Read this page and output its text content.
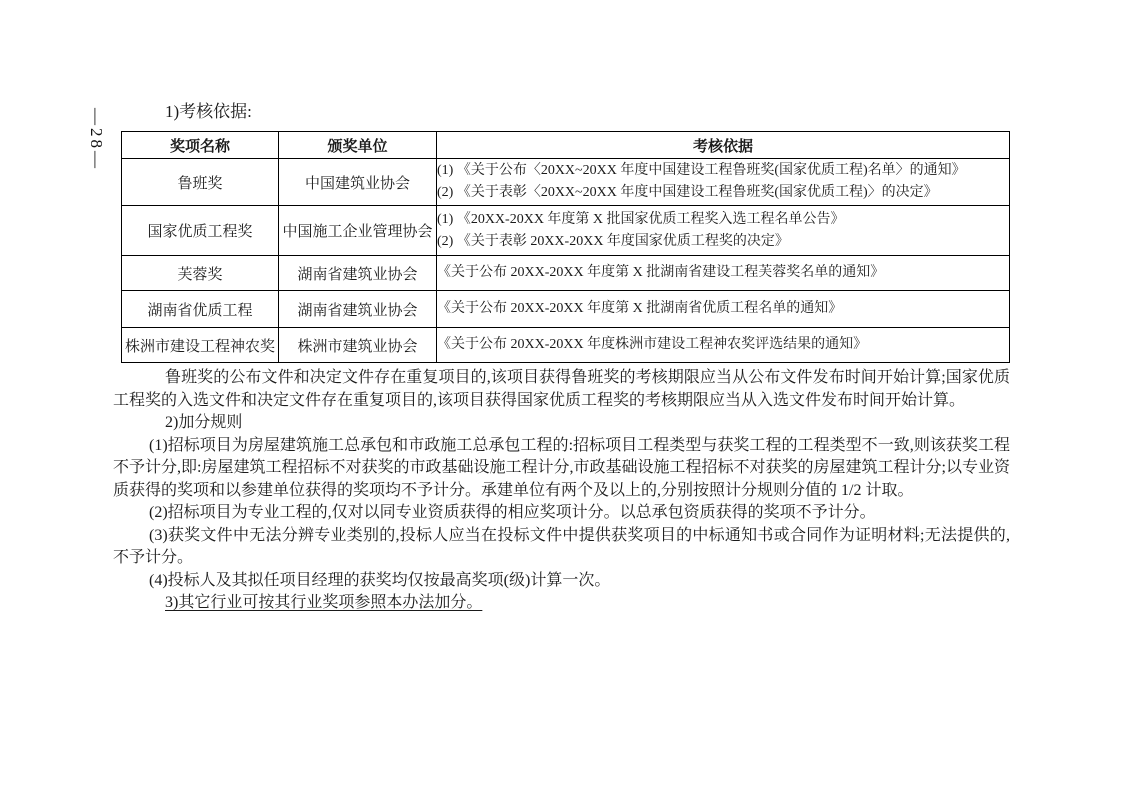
—28—	1)考核依据:

奖项名称	颁奖单位	考核依据
鲁班奖	中国建筑业协会	(1) 《关于公布〈20XX~20XX 年度中国建设工程鲁班奖(国家优质工程)名单〉的通知》
(2) 《关于表彰〈20XX~20XX 年度中国建设工程鲁班奖(国家优质工程)〉的决定》

国家优质工程奖	中国施工企业管理协会	(1) 《20XX-20XX 年度第 X 批国家优质工程奖入选工程名单公告》
(2) 《关于表彰 20XX-20XX 年度国家优质工程奖的决定》

芙蓉奖	湖南省建筑业协会	《关于公布 20XX-20XX 年度第 X 批湖南省建设工程芙蓉奖名单的通知》

湖南省优质工程	湖南省建筑业协会	《关于公布 20XX-20XX 年度第 X 批湖南省优质工程名单的通知》

株洲市建设工程神农奖	株洲市建筑业协会	《关于公布 20XX-20XX 年度株洲市建设工程神农奖评选结果的通知》

鲁班奖的公布文件和决定文件存在重复项目的,该项目获得鲁班奖的考核期限应当从公布文件发布时间开始计算;国家优质工程奖的入选文件和决定文件存在重复项目的,该项目获得国家优质工程奖的考核期限应当从入选文件发布时间开始计算。

2)加分规则

(1)招标项目为房屋建筑施工总承包和市政施工总承包工程的:招标项目工程类型与获奖工程的工程类型不一致,则该获奖工程不予计分,即:房屋建筑工程招标不对获奖的市政基础设施工程计分,市政基础设施工程招标不对获奖的房屋建筑工程计分;以专业资质获得的奖项和以参建单位获得的奖项均不予计分。承建单位有两个及以上的,分别按照计分规则分值的 1/2 计取。

(2)招标项目为专业工程的,仅对以同专业资质获得的相应奖项计分。以总承包资质获得的奖项不予计分。

(3)获奖文件中无法分辨专业类别的,投标人应当在投标文件中提供获奖项目的中标通知书或合同作为证明材料;无法提供的,不予计分。

(4)投标人及其拟任项目经理的获奖均仅按最高奖项(级)计算一次。

3)其它行业可按其行业奖项参照本办法加分。
